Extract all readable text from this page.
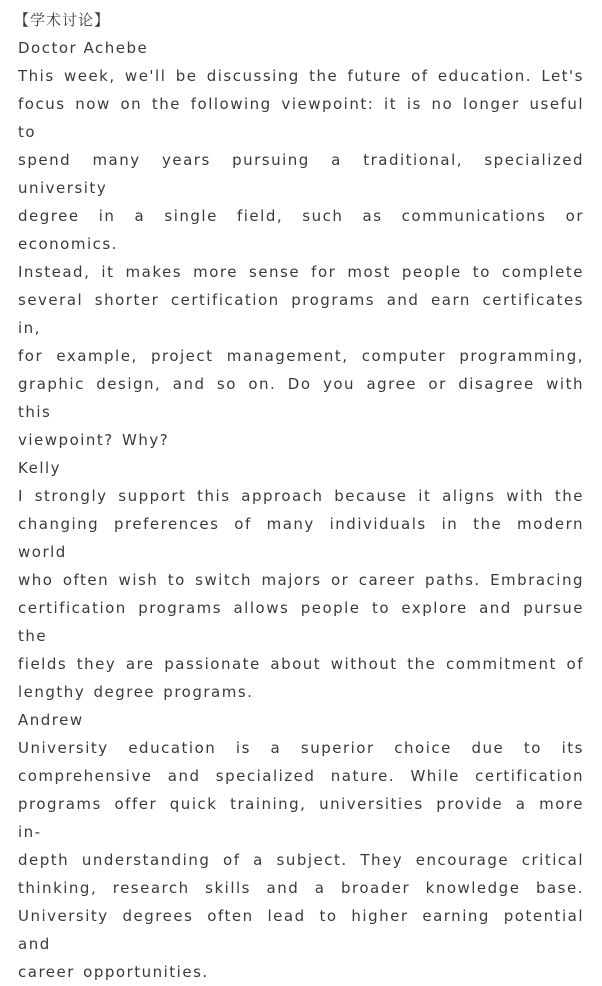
【学术讨论】
Doctor Achebe
This week, we'll be discussing the future of education. Let's
focus now on the following viewpoint: it is no longer useful to
spend many years pursuing a traditional, specialized university
degree in a single field, such as communications or economics.
Instead, it makes more sense for most people to complete
several shorter certification programs and earn certificates in,
for example, project management, computer programming,
graphic design, and so on. Do you agree or disagree with this
viewpoint? Why?
Kelly
I strongly support this approach because it aligns with the
changing preferences of many individuals in the modern world
who often wish to switch majors or career paths. Embracing
certification programs allows people to explore and pursue the
fields they are passionate about without the commitment of
lengthy degree programs.
Andrew
University education is a superior choice due to its
comprehensive and specialized nature. While certification
programs offer quick training, universities provide a more in-
depth understanding of a subject. They encourage critical
thinking, research skills and a broader knowledge base.
University degrees often lead to higher earning potential and
career opportunities.
